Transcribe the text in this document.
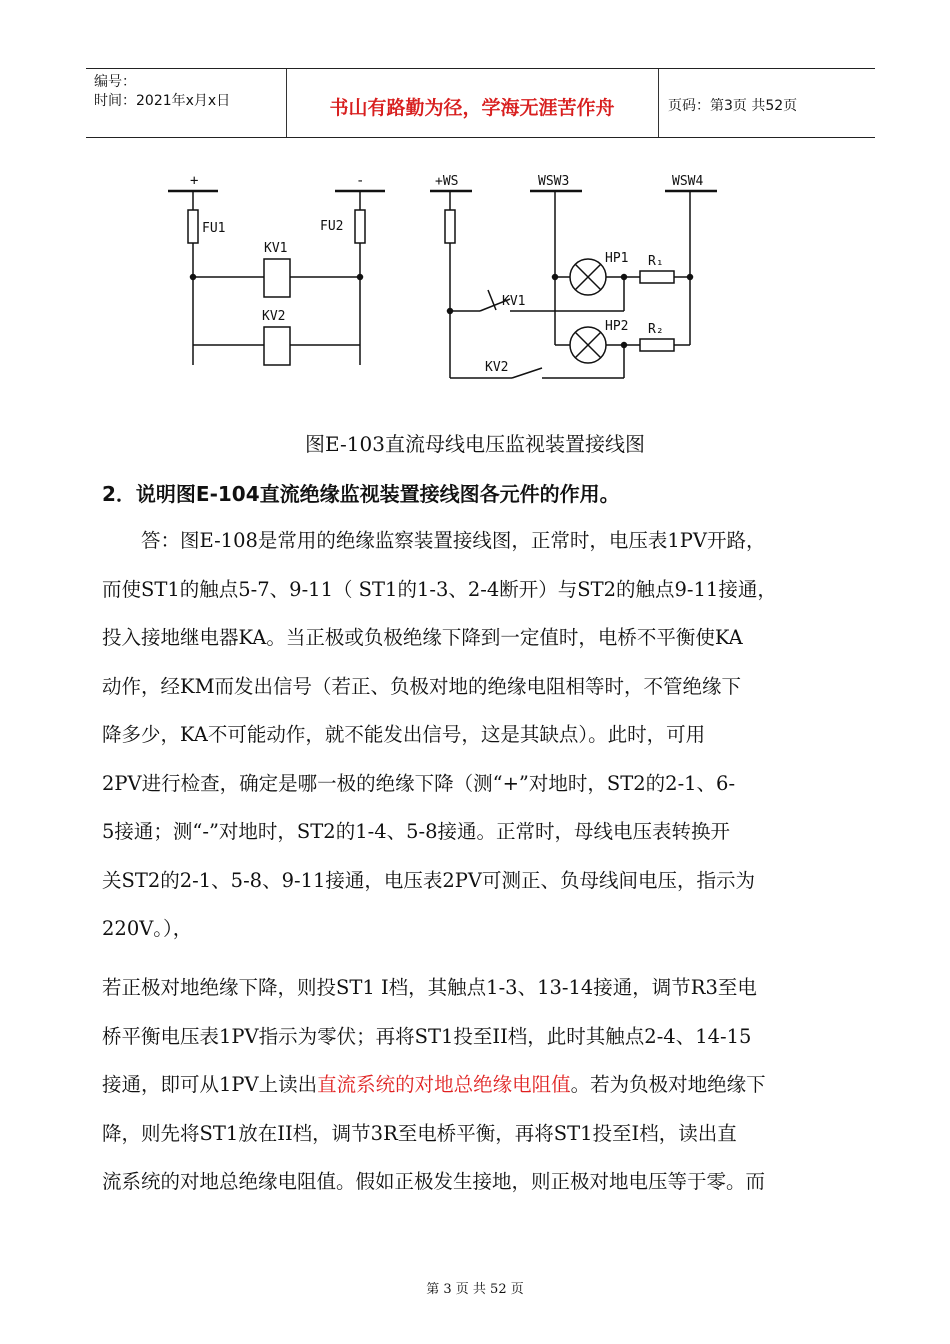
编号：
时间：2021年x月x日	书山有路勤为径，学海无涯苦作舟	页码：第3页 共52页
+	-
FU1	FU2
KV1
KV2
+WS	WSW3	WSW4
HP1 R₁
HP2 R₂
KV1
KV2
图E-103直流母线电压监视装置接线图
2．说明图E-104直流绝缘监视装置接线图各元件的作用。
　　答：图E-108是常用的绝缘监察装置接线图，正常时，电压表1PV开路，
而使ST1的触点5-7、9-11（ ST1的1-3、2-4断开）与ST2的触点9-11接通，
投入接地继电器KA。当正极或负极绝缘下降到一定值时，电桥不平衡使KA
动作，经KM而发出信号（若正、负极对地的绝缘电阻相等时，不管绝缘下
降多少，KA不可能动作，就不能发出信号，这是其缺点）。此时，可用
2PV进行检查，确定是哪一极的绝缘下降（测“+”对地时，ST2的2-1、6-
5接通；测“-”对地时，ST2的1-4、5-8接通。正常时，母线电压表转换开
关ST2的2-1、5-8、9-11接通，电压表2PV可测正、负母线间电压，指示为
220V。），
若正极对地绝缘下降，则投ST1 I档，其触点1-3、13-14接通，调节R3至电
桥平衡电压表1PV指示为零伏；再将ST1投至II档，此时其触点2-4、14-15
接通，即可从1PV上读出直流系统的对地总绝缘电阻值。若为负极对地绝缘下
降，则先将ST1放在II档，调节3R至电桥平衡，再将ST1投至I档，读出直
流系统的对地总绝缘电阻值。假如正极发生接地，则正极对地电压等于零。而
第 3 页 共 52 页
